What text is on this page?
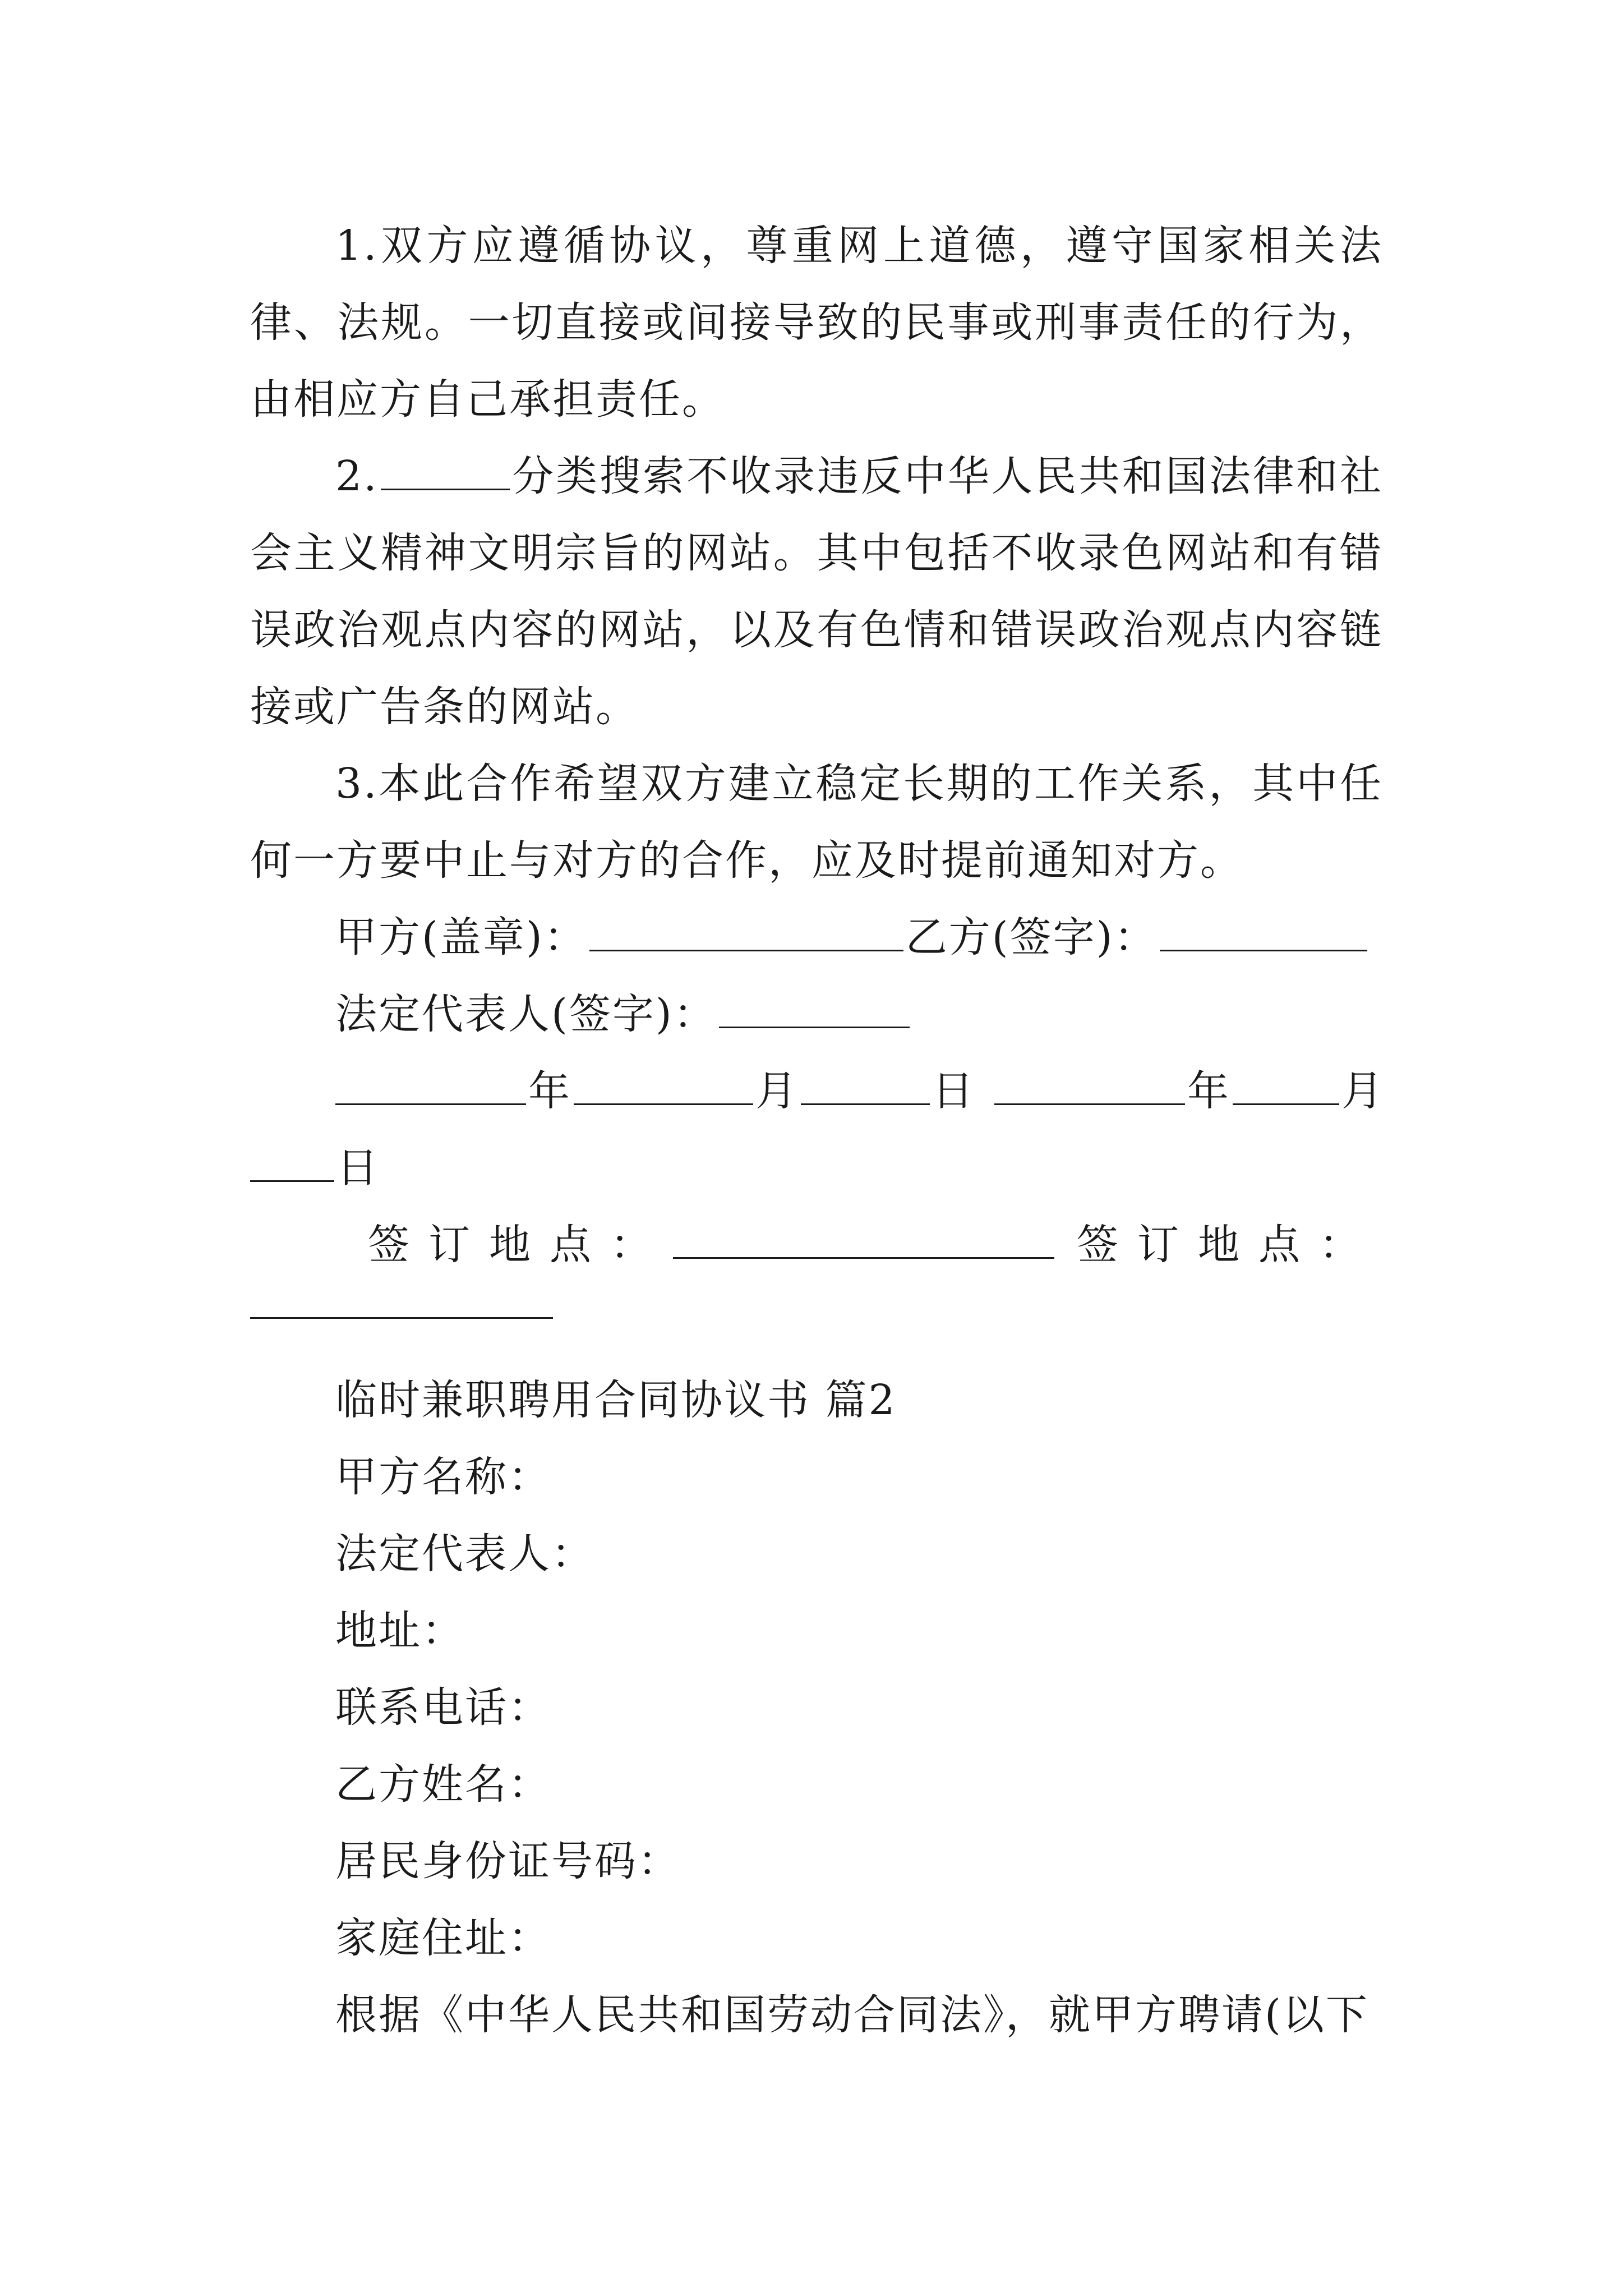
1.双方应遵循协议，尊重网上道德，遵守国家相关法律、法规。一切直接或间接导致的民事或刑事责任的行为，由相应方自己承担责任。

2.	分类搜索不收录违反中华人民共和国法律和社会主义精神文明宗旨的网站。其中包括不收录色网站和有错误政治观点内容的网站，以及有色情和错误政治观点内容链接或广告条的网站。

3.本此合作希望双方建立稳定长期的工作关系，其中任何一方要中止与对方的合作，应及时提前通知对方。

甲方(盖章)：	乙方(签字)：

法定代表人(签字)：

年	月	日	年	月

日

签订地点：	签订地点：

临时兼职聘用合同协议书 篇2

甲方名称：

法定代表人：

地址：

联系电话：

乙方姓名：

居民身份证号码：

家庭住址：

根据《中华人民共和国劳动合同法》，就甲方聘请(以下
